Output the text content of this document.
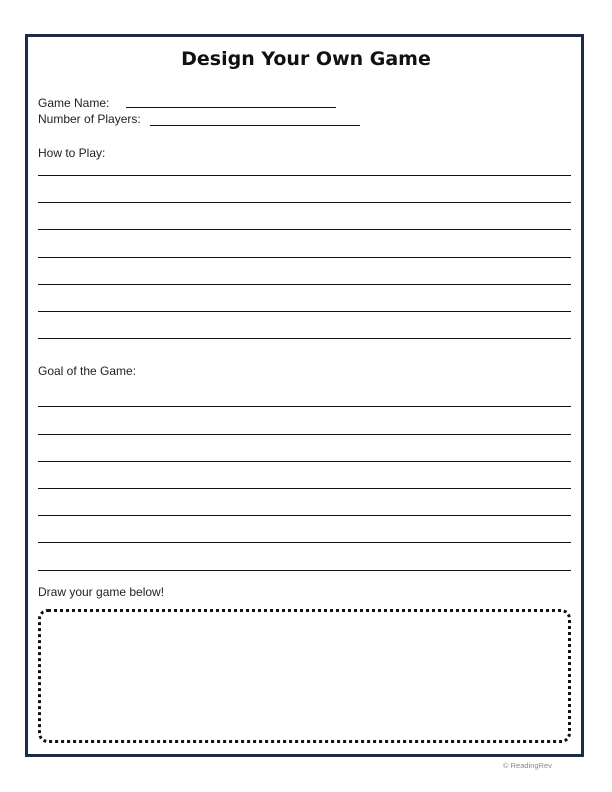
Design Your Own Game
Game Name:
Number of Players:
How to Play:
Goal of the Game:
Draw your game below!
© ReadingRev
